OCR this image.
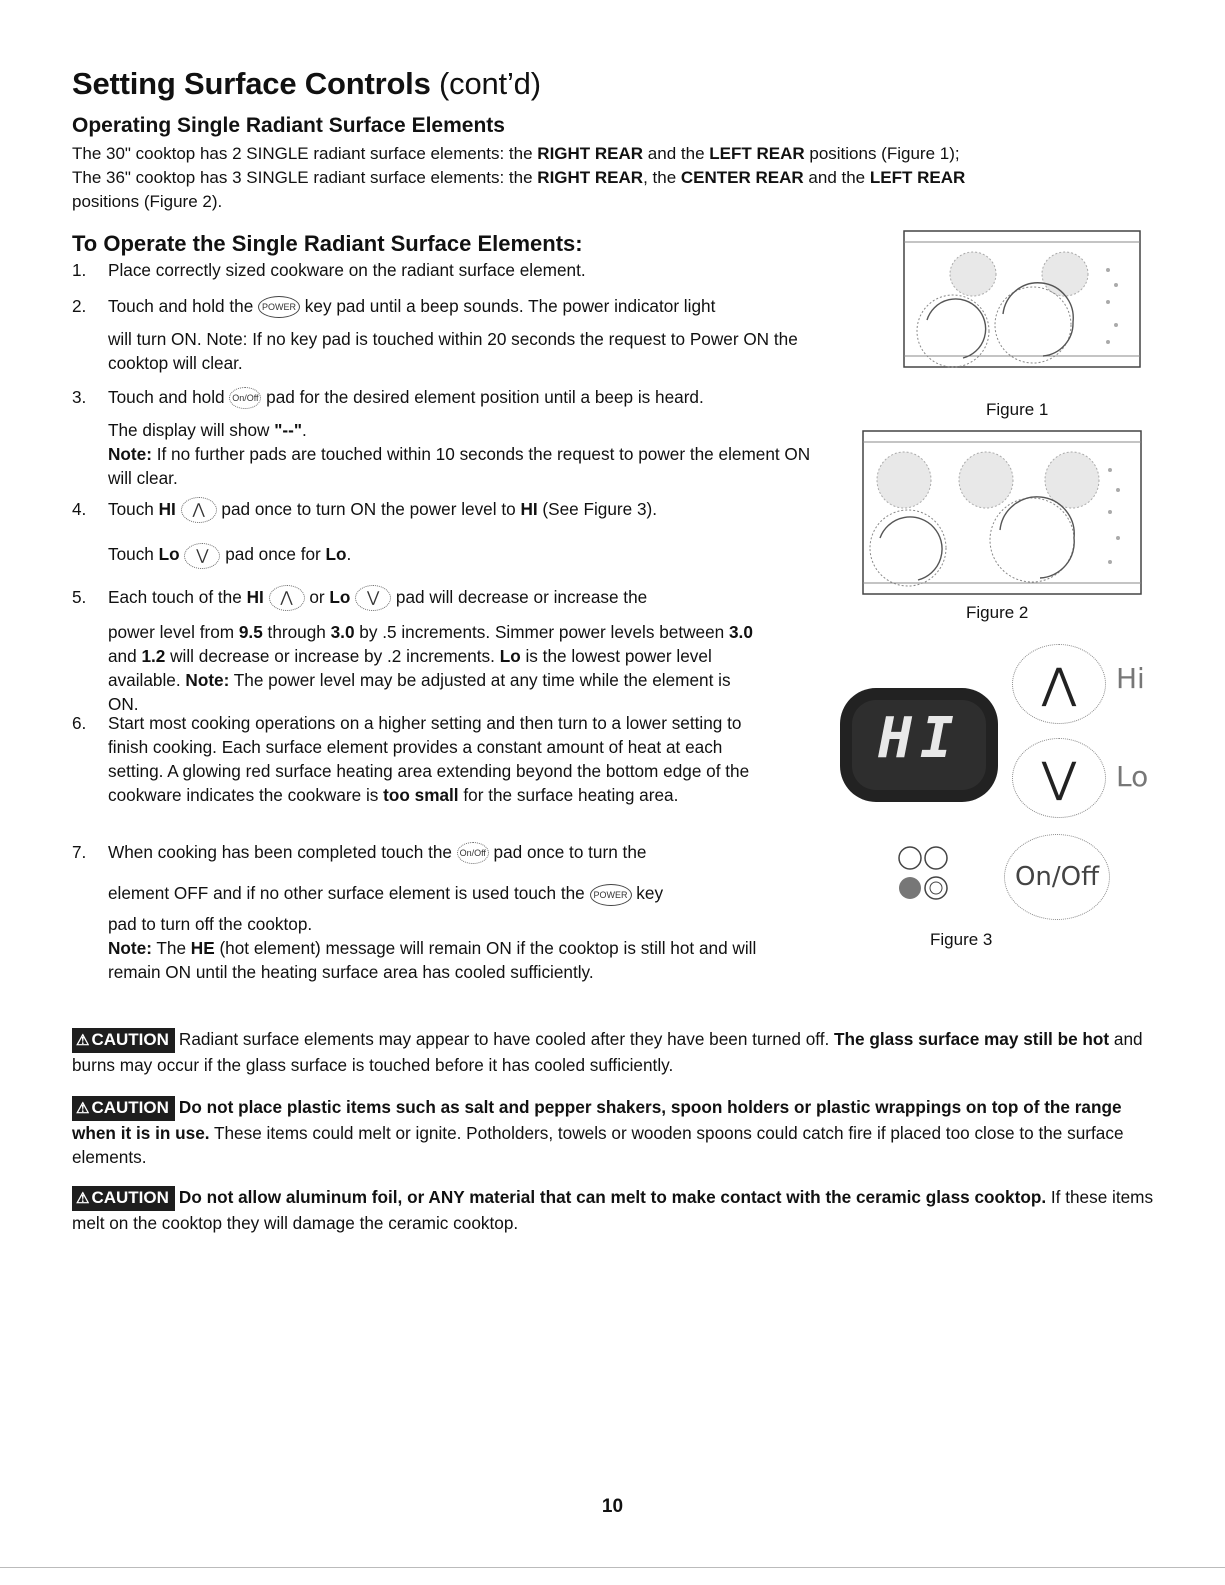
Setting Surface Controls (cont’d)
Operating Single Radiant Surface Elements
The 30" cooktop has 2 SINGLE radiant surface elements: the RIGHT REAR and the LEFT REAR positions (Figure 1);
The 36" cooktop has 3 SINGLE radiant surface elements: the RIGHT REAR, the CENTER REAR and the LEFT REAR
positions (Figure 2).
To Operate the Single Radiant Surface Elements:
1. Place correctly sized cookware on the radiant surface element.

2. Touch and hold the POWER key pad until a beep sounds. The power indicator light

will turn ON. Note: If no key pad is touched within 20 seconds the request to Power ON the cooktop will clear.

3. Touch and hold On/Off pad for the desired element position until a beep is heard.

The display will show "--".

Note: If no further pads are touched within 10 seconds the request to power the element ON will clear.

4. Touch HI ⋀ pad once to turn ON the power level to HI (See Figure 3).

Touch Lo ⋁ pad once for Lo.

5. Each touch of the HI ⋀ or Lo ⋁ pad will decrease or increase the

power level from 9.5 through 3.0 by .5 increments. Simmer power levels between 3.0 and 1.2 will decrease or increase by .2 increments. Lo is the lowest power level available. Note: The power level may be adjusted at any time while the element is ON.

6. Start most cooking operations on a higher setting and then turn to a lower setting to finish cooking. Each surface element provides a constant amount of heat at each setting. A glowing red surface heating area extending beyond the bottom edge of the cookware indicates the cookware is too small for the surface heating area.

7. When cooking has been completed touch the On/Off pad once to turn the

element OFF and if no other surface element is used touch the POWER key

pad to turn off the cooktop.

Note: The HE (hot element) message will remain ON if the cooktop is still hot and will remain ON until the heating surface area has cooled sufficiently.

Figure 1
Figure 2
HI
⋀	Hi
⋁	Lo
On/Off
Figure 3
⚠ CAUTION Radiant surface elements may appear to have cooled after they have been turned off. The glass surface may still be hot and burns may occur if the glass surface is touched before it has cooled sufficiently.
⚠ CAUTION Do not place plastic items such as salt and pepper shakers, spoon holders or plastic wrappings on top of the range when it is in use. These items could melt or ignite. Potholders, towels or wooden spoons could catch fire if placed too close to the surface elements.
⚠ CAUTION Do not allow aluminum foil, or ANY material that can melt to make contact with the ceramic glass cooktop. If these items melt on the cooktop they will damage the ceramic cooktop.
10
